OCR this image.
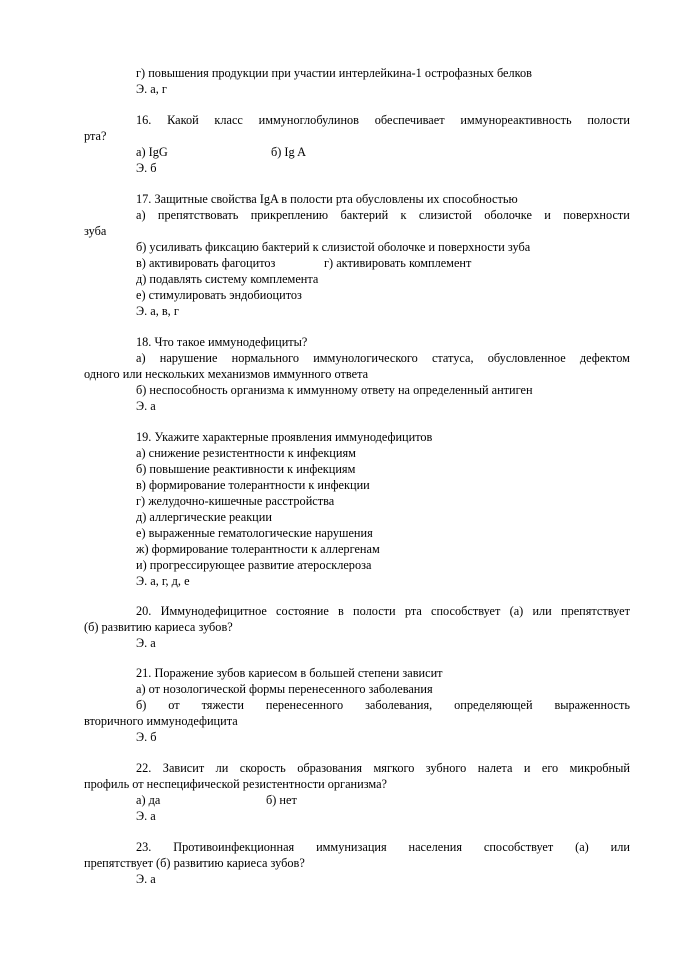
г) повышения продукции при участии интерлейкина-1 острофазных белков
Э. а, г
16. Какой класс иммуноглобулинов обеспечивает иммунореактивность полости
рта?
а) IgG	б) Ig A
Э. б
17. Защитные свойства IgA в полости рта обусловлены их способностью
а) препятствовать прикреплению бактерий к слизистой оболочке и поверхности
зуба
б) усиливать фиксацию бактерий к слизистой оболочке и поверхности зуба
в) активировать фагоцитоз	г) активировать комплемент
д) подавлять систему комплемента
е) стимулировать эндобиоцитоз
Э. а, в, г
18. Что такое иммунодефициты?
а) нарушение нормального иммунологического статуса, обусловленное дефектом
одного или нескольких механизмов иммунного ответа
б) неспособность организма к иммунному ответу на определенный антиген
Э. а
19. Укажите характерные проявления иммунодефицитов
а) снижение резистентности к инфекциям
б) повышение реактивности к инфекциям
в) формирование толерантности к инфекции
г) желудочно-кишечные расстройства
д) аллергические реакции
е) выраженные гематологические нарушения
ж) формирование толерантности к аллергенам
и) прогрессирующее развитие атеросклероза
Э. а, г, д, е
20. Иммунодефицитное состояние в полости рта способствует (а) или препятствует
(б) развитию кариеса зубов?
Э. а
21. Поражение зубов кариесом в большей степени зависит
а) от нозологической формы перенесенного заболевания
б) от тяжести перенесенного заболевания, определяющей выраженность
вторичного иммунодефицита
Э. б
22. Зависит ли скорость образования мягкого зубного налета и его микробный
профиль от неспецифической резистентности организма?
а) да	б) нет
Э. а
23. Противоинфекционная иммунизация населения способствует (а) или
препятствует (б) развитию кариеса зубов?
Э. а
